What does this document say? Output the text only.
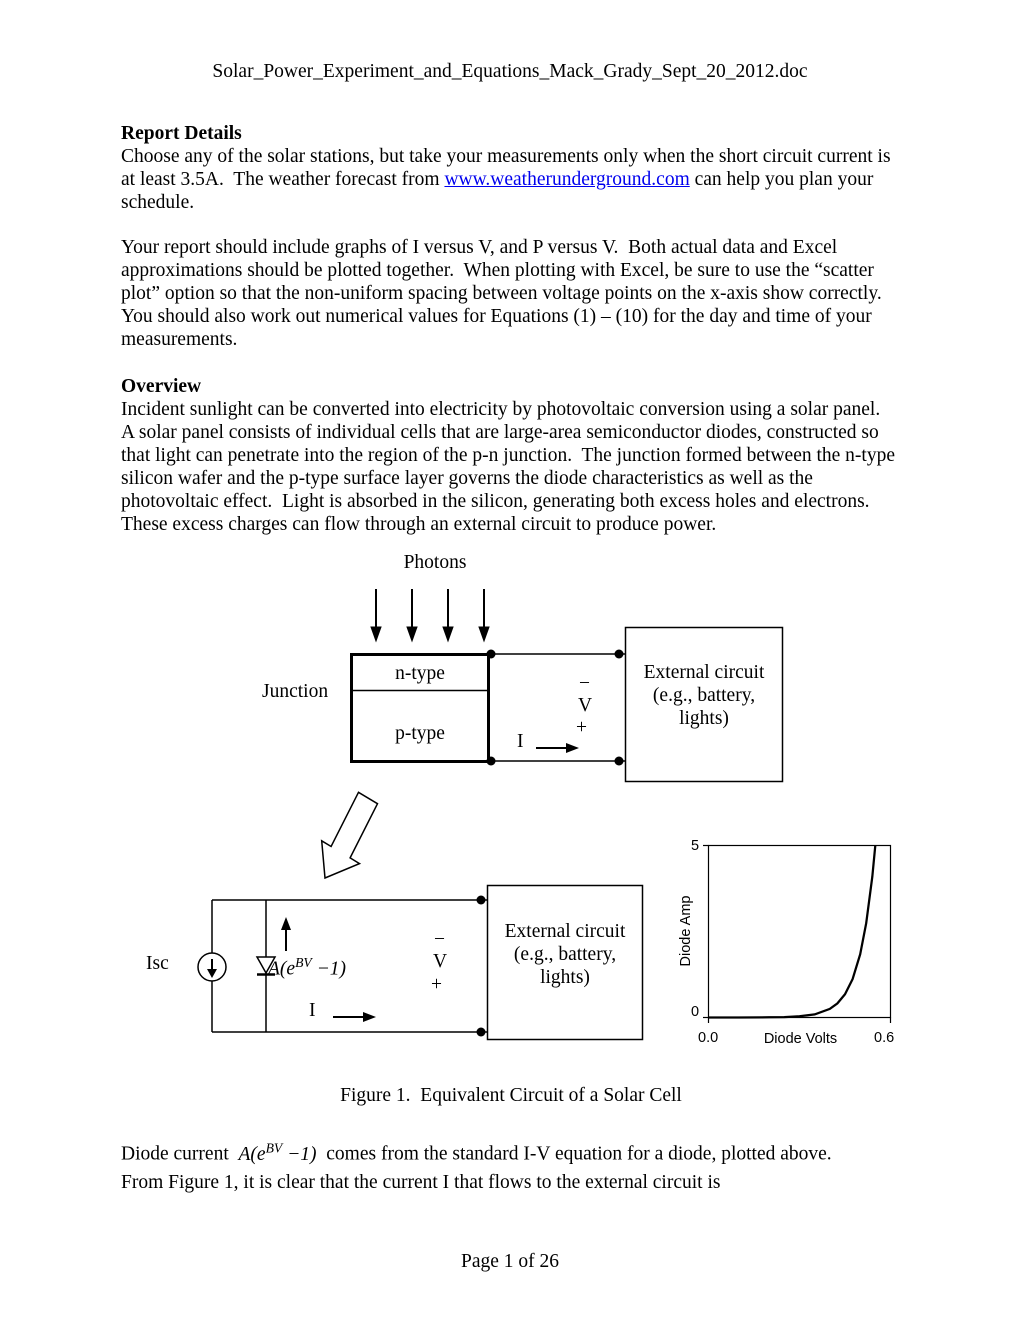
Solar_Power_Experiment_and_Equations_Mack_Grady_Sept_20_2012.doc
Report Details
Choose any of the solar stations, but take your measurements only when the short circuit current is at least 3.5A.  The weather forecast from www.weatherunderground.com can help you plan your schedule.
Your report should include graphs of I versus V, and P versus V.  Both actual data and Excel approximations should be plotted together.  When plotting with Excel, be sure to use the “scatter plot” option so that the non-uniform spacing between voltage points on the x-axis show correctly.  You should also work out numerical values for Equations (1) – (10) for the day and time of your measurements.
Overview
Incident sunlight can be converted into electricity by photovoltaic conversion using a solar panel.  A solar panel consists of individual cells that are large-area semiconductor diodes, constructed so that light can penetrate into the region of the p-n junction.  The junction formed between the n-type silicon wafer and the p-type surface layer governs the diode characteristics as well as the photovoltaic effect.  Light is absorbed in the silicon, generating both excess holes and electrons.  These excess charges can flow through an external circuit to produce power.
Photons
Junction
n-type
p-type
External circuit
(e.g., battery,
lights)
−
V
+
I
Isc	$A(e^{BV} -1)$
−
V
+
I
External circuit
(e.g., battery,
lights)
5
0
0.0	0.6
Diode Volts
Diode Amp
Figure 1.  Equivalent Circuit of a Solar Cell
Diode current  $A(e^{BV} -1)$  comes from the standard I-V equation for a diode, plotted above.
From Figure 1, it is clear that the current I that flows to the external circuit is
Page 1 of 26
